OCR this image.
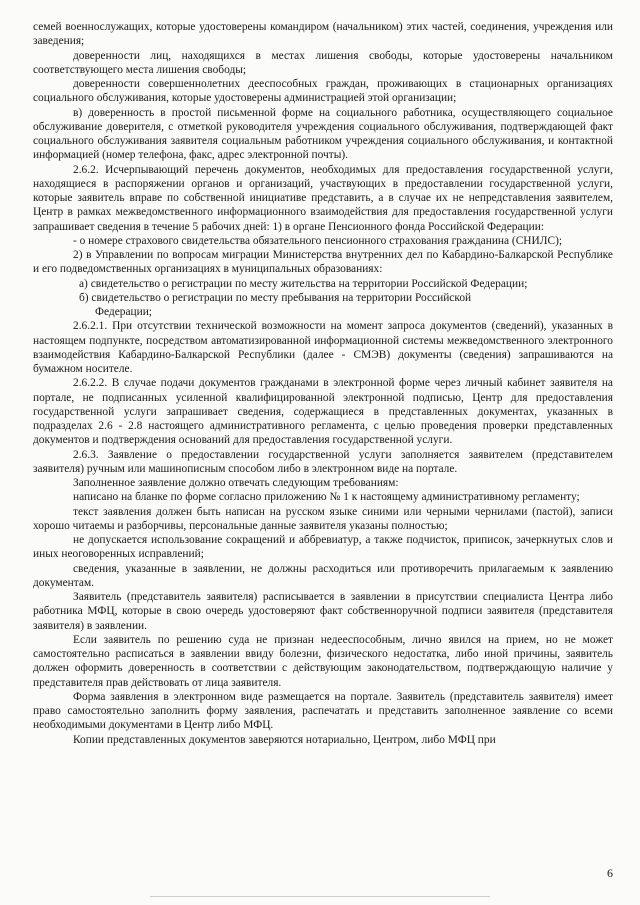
семей военнослужащих, которые удостоверены командиром (начальником) этих частей, соединения, учреждения или заведения;

доверенности лиц, находящихся в местах лишения свободы, которые удостоверены начальником соответствующего места лишения свободы;

доверенности совершеннолетних дееспособных граждан, проживающих в стационарных организациях социального обслуживания, которые удостоверены администрацией этой организации;

в) доверенность в простой письменной форме на социального работника, осуществляющего социальное обслуживание доверителя, с отметкой руководителя учреждения социального обслуживания, подтверждающей факт социального обслуживания заявителя социальным работником учреждения социального обслуживания, и контактной информацией (номер телефона, факс, адрес электронной почты).

2.6.2. Исчерпывающий перечень документов, необходимых для предоставления государственной услуги, находящиеся в распоряжении органов и организаций, участвующих в предоставлении государственной услуги, которые заявитель вправе по собственной инициативе представить, а в случае их не непредставления заявителем, Центр в рамках межведомственного информационного взаимодействия для предоставления государственной услуги запрашивает сведения в течение 5 рабочих дней: 1) в органе Пенсионного фонда Российской Федерации:

- о номере страхового свидетельства обязательного пенсионного страхования гражданина (СНИЛС);

2) в Управлении по вопросам миграции Министерства внутренних дел по Кабардино-Балкарской Республике и его подведомственных организациях в муниципальных образованиях:

а) свидетельство о регистрации по месту жительства на территории Российской Федерации;

б) свидетельство о регистрации по месту пребывания на территории Российской

Федерации;

2.6.2.1. При отсутствии технической возможности на момент запроса документов (сведений), указанных в настоящем подпункте, посредством автоматизированной информационной системы межведомственного электронного взаимодействия Кабардино-Балкарской Республики (далее - СМЭВ) документы (сведения) запрашиваются на бумажном носителе.

2.6.2.2. В случае подачи документов гражданами в электронной форме через личный кабинет заявителя на портале, не подписанных усиленной квалифицированной электронной подписью, Центр для предоставления государственной услуги запрашивает сведения, содержащиеся в представленных документах, указанных в подразделах 2.6 - 2.8 настоящего административного регламента, с целью проведения проверки представленных документов и подтверждения оснований для предоставления государственной услуги.

2.6.3. Заявление о предоставлении государственной услуги заполняется заявителем (представителем заявителя) ручным или машинописным способом либо в электронном виде на портале.

Заполненное заявление должно отвечать следующим требованиям:

написано на бланке по форме согласно приложению № 1 к настоящему административному регламенту;

текст заявления должен быть написан на русском языке синими или черными чернилами (пастой), записи хорошо читаемы и разборчивы, персональные данные заявителя указаны полностью;

не допускается использование сокращений и аббревиатур, а также подчисток, приписок, зачеркнутых слов и иных неоговоренных исправлений;

сведения, указанные в заявлении, не должны расходиться или противоречить прилагаемым к заявлению документам.

Заявитель (представитель заявителя) расписывается в заявлении в присутствии специалиста Центра либо работника МФЦ, которые в свою очередь удостоверяют факт собственноручной подписи заявителя (представителя заявителя) в заявлении.

Если заявитель по решению суда не признан недееспособным, лично явился на прием, но не может самостоятельно расписаться в заявлении ввиду болезни, физического недостатка, либо иной причины, заявитель должен оформить доверенность в соответствии с действующим законодательством, подтверждающую наличие у представителя прав действовать от лица заявителя.

Форма заявления в электронном виде размещается на портале. Заявитель (представитель заявителя) имеет право самостоятельно заполнить форму заявления, распечатать и представить заполненное заявление со всеми необходимыми документами в Центр либо МФЦ.

Копии представленных документов заверяются нотариально, Центром, либо МФЦ при

6
